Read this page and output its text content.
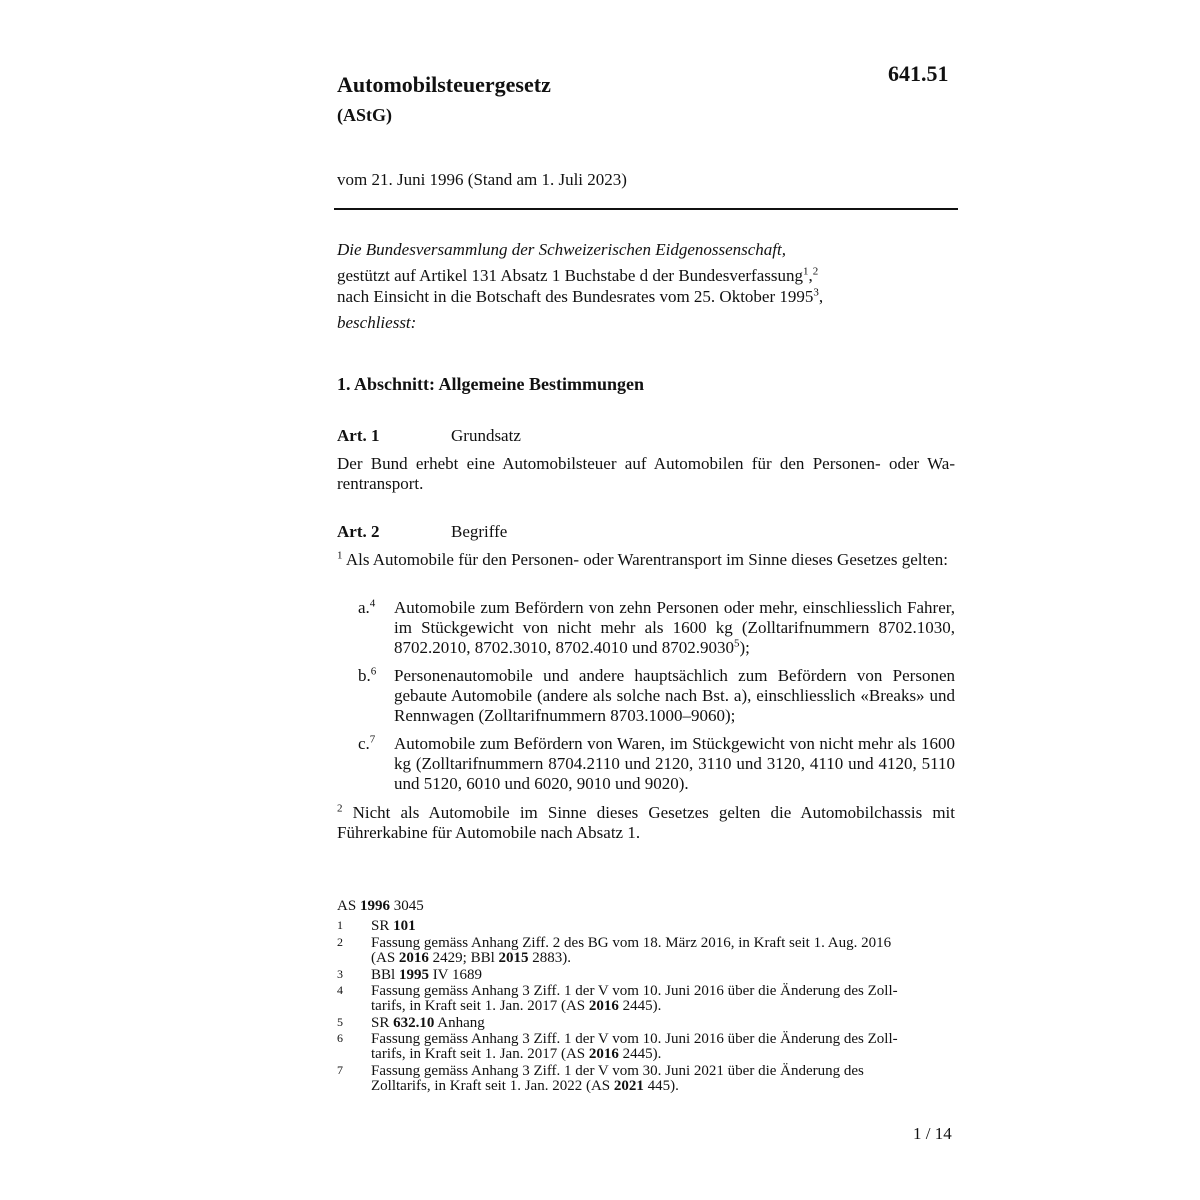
Automobilsteuergesetz
(AStG)
641.51
vom 21. Juni 1996 (Stand am 1. Juli 2023)
Die Bundesversammlung der Schweizerischen Eidgenossenschaft,
gestützt auf Artikel 131 Absatz 1 Buchstabe d der Bundesverfassung$^1$,$^2$
nach Einsicht in die Botschaft des Bundesrates vom 25. Oktober 1995$^3$,
beschliesst:
1. Abschnitt: Allgemeine Bestimmungen
Art. 1	Grundsatz
Der Bund erhebt eine Automobilsteuer auf Automobilen für den Personen- oder Wa-
rentransport.
Art. 2	Begriffe
$^1$ Als Automobile für den Personen- oder Warentransport im Sinne dieses Gesetzes gelten:
a.$^4$ Automobile zum Befördern von zehn Personen oder mehr, einschliesslich Fahrer, im Stückgewicht von nicht mehr als 1600 kg (Zolltarifnummern 8702.1030, 8702.2010, 8702.3010, 8702.4010 und 8702.9030$^5$);
b.$^6$ Personenautomobile und andere hauptsächlich zum Befördern von Personen gebaute Automobile (andere als solche nach Bst. a), einschliesslich «Breaks» und Rennwagen (Zolltarifnummern 8703.1000–9060);
c.$^7$ Automobile zum Befördern von Waren, im Stückgewicht von nicht mehr als 1600 kg (Zolltarifnummern 8704.2110 und 2120, 3110 und 3120, 4110 und 4120, 5110 und 5120, 6010 und 6020, 9010 und 9020).
$^2$ Nicht als Automobile im Sinne dieses Gesetzes gelten die Automobilchassis mit Führerkabine für Automobile nach Absatz 1.
AS 1996 3045
1 SR 101
2 Fassung gemäss Anhang Ziff. 2 des BG vom 18. März 2016, in Kraft seit 1. Aug. 2016
(AS 2016 2429; BBl 2015 2883).
3 BBl 1995 IV 1689
4 Fassung gemäss Anhang 3 Ziff. 1 der V vom 10. Juni 2016 über die Änderung des Zoll-
tarifs, in Kraft seit 1. Jan. 2017 (AS 2016 2445).
5 SR 632.10 Anhang
6 Fassung gemäss Anhang 3 Ziff. 1 der V vom 10. Juni 2016 über die Änderung des Zoll-
tarifs, in Kraft seit 1. Jan. 2017 (AS 2016 2445).
7 Fassung gemäss Anhang 3 Ziff. 1 der V vom 30. Juni 2021 über die Änderung des
Zolltarifs, in Kraft seit 1. Jan. 2022 (AS 2021 445).
1 / 14
